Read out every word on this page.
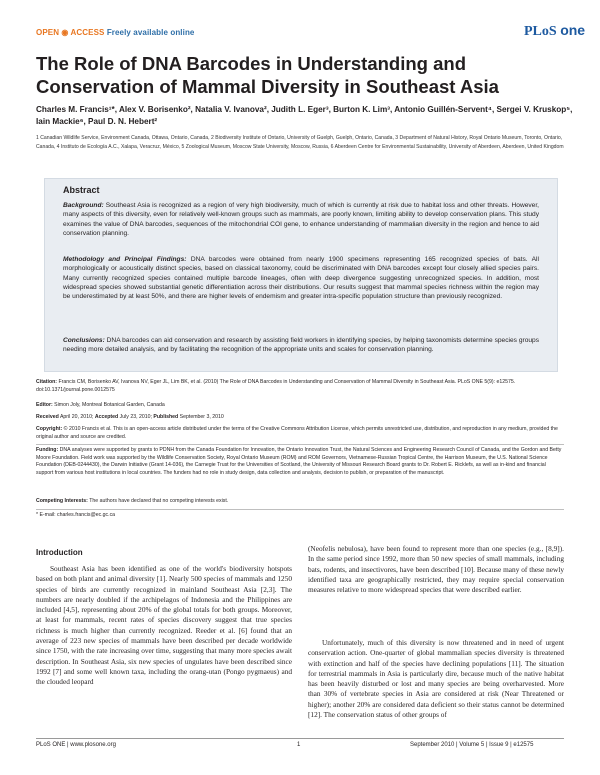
OPEN ◉ ACCESS Freely available online	PLoS one
The Role of DNA Barcodes in Understanding and Conservation of Mammal Diversity in Southeast Asia
Charles M. Francis¹*, Alex V. Borisenko², Natalia V. Ivanova², Judith L. Eger³, Burton K. Lim³, Antonio Guillén-Servent⁴, Sergei V. Kruskop⁵, Iain Mackie⁶, Paul D. N. Hebert²
1 Canadian Wildlife Service, Environment Canada, Ottawa, Ontario, Canada, 2 Biodiversity Institute of Ontario, University of Guelph, Guelph, Ontario, Canada, 3 Department of Natural History, Royal Ontario Museum, Toronto, Ontario, Canada, 4 Instituto de Ecología A.C., Xalapa, Veracruz, México, 5 Zoological Museum, Moscow State University, Moscow, Russia, 6 Aberdeen Centre for Environmental Sustainability, University of Aberdeen, Aberdeen, United Kingdom
Abstract
Background: Southeast Asia is recognized as a region of very high biodiversity, much of which is currently at risk due to habitat loss and other threats. However, many aspects of this diversity, even for relatively well-known groups such as mammals, are poorly known, limiting ability to develop conservation plans. This study examines the value of DNA barcodes, sequences of the mitochondrial COI gene, to enhance understanding of mammalian diversity in the region and hence to aid conservation planning.
Methodology and Principal Findings: DNA barcodes were obtained from nearly 1900 specimens representing 165 recognized species of bats. All morphologically or acoustically distinct species, based on classical taxonomy, could be discriminated with DNA barcodes except four closely allied species pairs. Many currently recognized species contained multiple barcode lineages, often with deep divergence suggesting unrecognized species. In addition, most widespread species showed substantial genetic differentiation across their distributions. Our results suggest that mammal species richness within the region may be underestimated by at least 50%, and there are higher levels of endemism and greater intra-specific population structure than previously recognized.
Conclusions: DNA barcodes can aid conservation and research by assisting field workers in identifying species, by helping taxonomists determine species groups needing more detailed analysis, and by facilitating the recognition of the appropriate units and scales for conservation planning.
Citation: Francis CM, Borisenko AV, Ivanova NV, Eger JL, Lim BK, et al. (2010) The Role of DNA Barcodes in Understanding and Conservation of Mammal Diversity in Southeast Asia. PLoS ONE 5(9): e12575. doi:10.1371/journal.pone.0012575
Editor: Simon Joly, Montreal Botanical Garden, Canada
Received April 20, 2010; Accepted July 23, 2010; Published September 3, 2010
Copyright: © 2010 Francis et al. This is an open-access article distributed under the terms of the Creative Commons Attribution License, which permits unrestricted use, distribution, and reproduction in any medium, provided the original author and source are credited.
Funding: DNA analyses were supported by grants to PDNH from the Canada Foundation for Innovation, the Ontario Innovation Trust, the Natural Sciences and Engineering Research Council of Canada, and the Gordon and Betty Moore Foundation. Field work was supported by the Wildlife Conservation Society, Royal Ontario Museum (ROM) and ROM Governors, Vietnamese-Russian Tropical Centre, the Harrison Museum, the U.S. National Science Foundation (DEB-0244430), the Darwin Initiative (Grant 14-036), the Carnegie Trust for the Universities of Scotland, the University of Missouri Research Board grants to Dr. Robert E. Ricklefs, as well as in-kind and financial support from various host institutions in local countries. The funders had no role in study design, data collection and analysis, decision to publish, or preparation of the manuscript.
Competing Interests: The authors have declared that no competing interests exist.
* E-mail: charles.francis@ec.gc.ca
Introduction
Southeast Asia has been identified as one of the world's biodiversity hotspots based on both plant and animal diversity [1]. Nearly 500 species of mammals and 1250 species of birds are currently recognized in mainland Southeast Asia [2,3]. The numbers are nearly doubled if the archipelagos of Indonesia and the Philippines are included [4,5], representing about 20% of the global totals for both groups. Moreover, at least for mammals, recent rates of species discovery suggest that true species richness is much higher than currently recognized. Reeder et al. [6] found that an average of 223 new species of mammals have been described per decade worldwide since 1750, with the rate increasing over time, suggesting that many more species await description. In Southeast Asia, six new species of ungulates have been described since 1992 [7] and some well known taxa, including the orang-utan (Pongo pygmaeus) and the clouded leopard
(Neofelis nebulosa), have been found to represent more than one species (e.g., [8,9]). In the same period since 1992, more than 50 new species of small mammals, including bats, rodents, and insectivores, have been described [10]. Because many of these newly identified taxa are geographically restricted, they may require special conservation measures relative to more widespread species that were described earlier.
Unfortunately, much of this diversity is now threatened and in need of urgent conservation action. One-quarter of global mammalian species diversity is threatened with extinction and half of the species have declining populations [11]. The situation for terrestrial mammals in Asia is particularly dire, because much of the native habitat has been heavily disturbed or lost and many species are being overharvested. More than 30% of vertebrate species in Asia are considered at risk (Near Threatened or higher); another 20% are considered data deficient so their status cannot be determined [12]. The conservation status of other groups of
PLoS ONE | www.plosone.org	1	September 2010 | Volume 5 | Issue 9 | e12575
